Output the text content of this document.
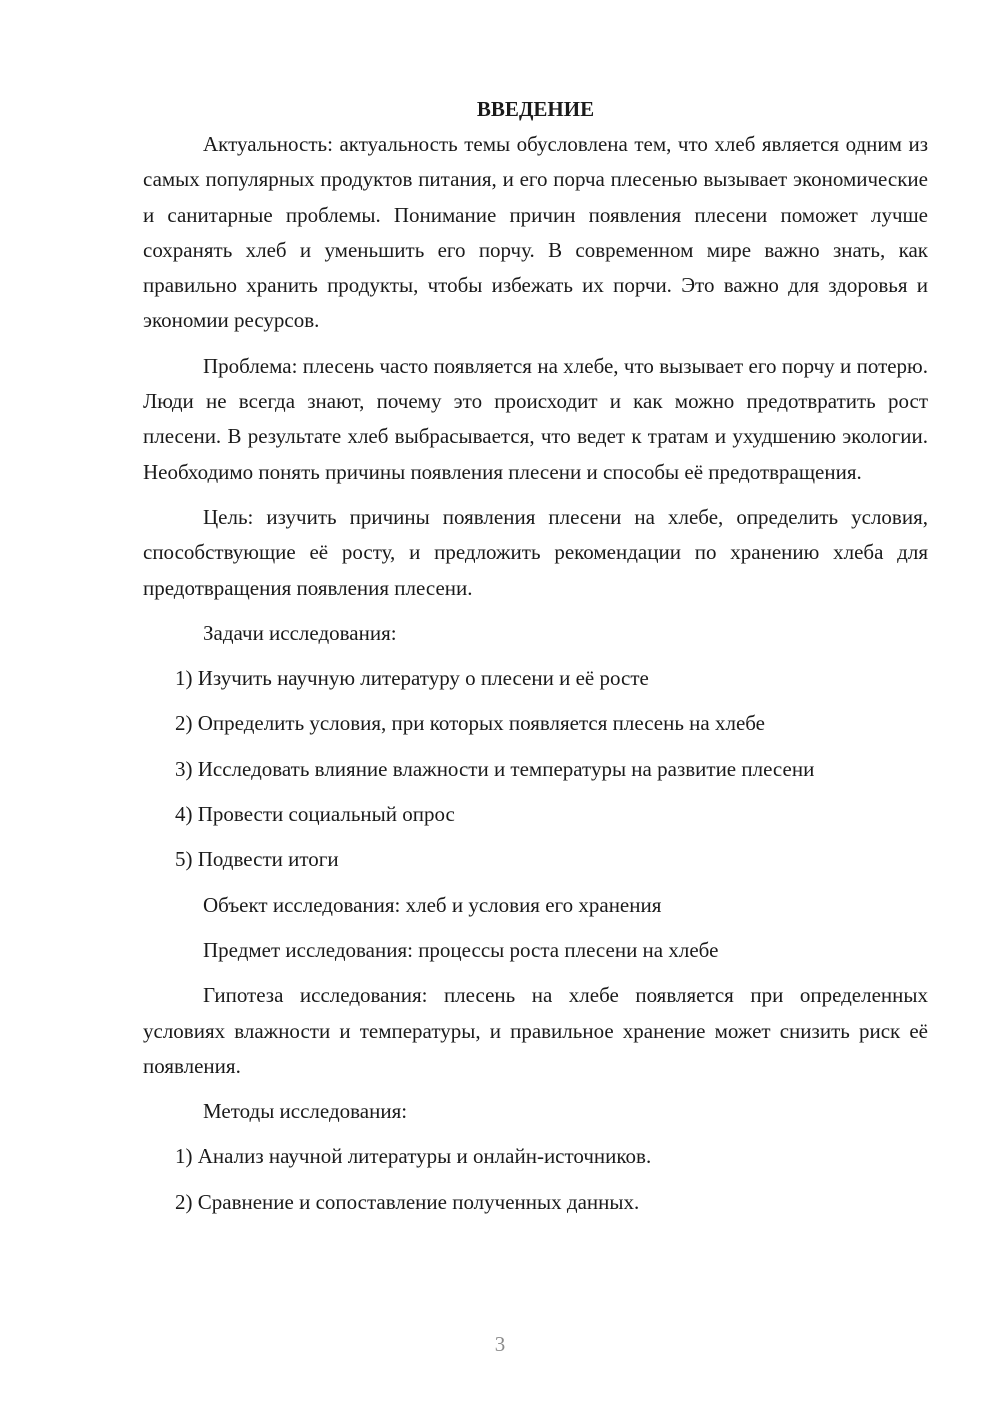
ВВЕДЕНИЕ

Актуальность: актуальность темы обусловлена тем, что хлеб является одним из самых популярных продуктов питания, и его порча плесенью вызывает экономические и санитарные проблемы. Понимание причин появления плесени поможет лучше сохранять хлеб и уменьшить его порчу. В современном мире важно знать, как правильно хранить продукты, чтобы избежать их порчи. Это важно для здоровья и экономии ресурсов.

Проблема: плесень часто появляется на хлебе, что вызывает его порчу и потерю. Люди не всегда знают, почему это происходит и как можно предотвратить рост плесени. В результате хлеб выбрасывается, что ведет к тратам и ухудшению экологии. Необходимо понять причины появления плесени и способы её предотвращения.

Цель: изучить причины появления плесени на хлебе, определить условия, способствующие её росту, и предложить рекомендации по хранению хлеба для предотвращения появления плесени.

Задачи исследования:
1) Изучить научную литературу о плесени и её росте
2) Определить условия, при которых появляется плесень на хлебе
3) Исследовать влияние влажности и температуры на развитие плесени
4) Провести социальный опрос
5) Подвести итоги
Объект исследования: хлеб и условия его хранения
Предмет исследования: процессы роста плесени на хлебе

Гипотеза исследования: плесень на хлебе появляется при определенных условиях влажности и температуры, и правильное хранение может снизить риск её появления.

Методы исследования:
1) Анализ научной литературы и онлайн-источников.
2) Сравнение и сопоставление полученных данных.
3
